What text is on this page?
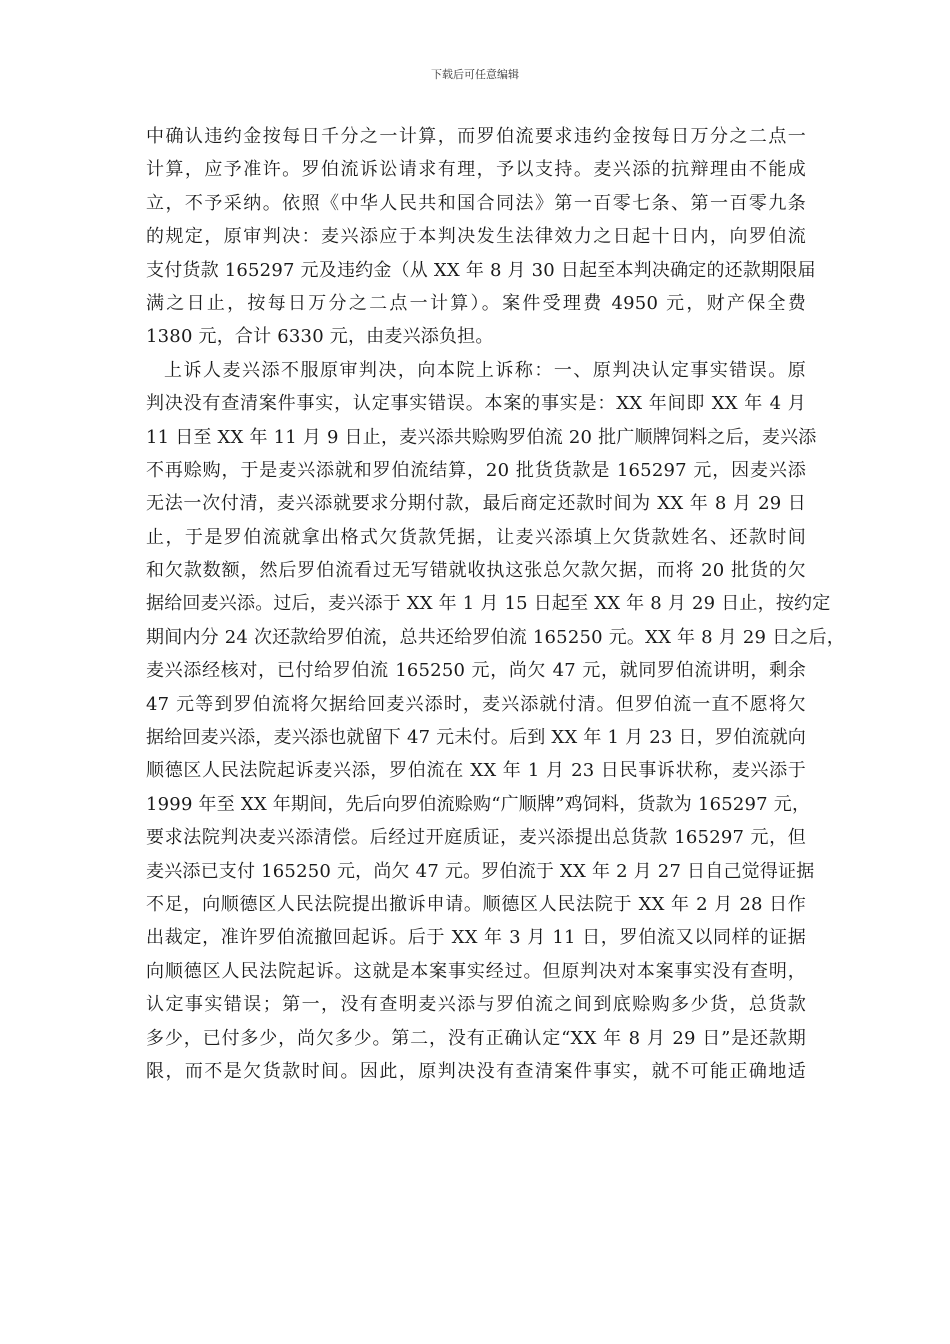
下载后可任意编辑
中确认违约金按每日千分之一计算，而罗伯流要求违约金按每日万分之二点一
计算，应予准许。罗伯流诉讼请求有理，予以支持。麦兴添的抗辩理由不能成
立，不予采纳。依照《中华人民共和国合同法》第一百零七条、第一百零九条
的规定，原审判决：麦兴添应于本判决发生法律效力之日起十日内，向罗伯流
支付货款 165297 元及违约金（从 XX 年 8 月 30 日起至本判决确定的还款期限届
满之日止，按每日万分之二点一计算）。案件受理费 4950 元，财产保全费
1380 元，合计 6330 元，由麦兴添负担。
上诉人麦兴添不服原审判决，向本院上诉称：一、原判决认定事实错误。原
判决没有查清案件事实，认定事实错误。本案的事实是：XX 年间即 XX 年 4 月
11 日至 XX 年 11 月 9 日止，麦兴添共赊购罗伯流 20 批广顺牌饲料之后，麦兴添
不再赊购，于是麦兴添就和罗伯流结算，20 批货货款是 165297 元，因麦兴添
无法一次付清，麦兴添就要求分期付款，最后商定还款时间为 XX 年 8 月 29 日
止，于是罗伯流就拿出格式欠货款凭据，让麦兴添填上欠货款姓名、还款时间
和欠款数额，然后罗伯流看过无写错就收执这张总欠款欠据，而将 20 批货的欠
据给回麦兴添。过后，麦兴添于 XX 年 1 月 15 日起至 XX 年 8 月 29 日止，按约定
期间内分 24 次还款给罗伯流，总共还给罗伯流 165250 元。XX 年 8 月 29 日之后，
麦兴添经核对，已付给罗伯流 165250 元，尚欠 47 元，就同罗伯流讲明，剩余
47 元等到罗伯流将欠据给回麦兴添时，麦兴添就付清。但罗伯流一直不愿将欠
据给回麦兴添，麦兴添也就留下 47 元未付。后到 XX 年 1 月 23 日，罗伯流就向
顺德区人民法院起诉麦兴添，罗伯流在 XX 年 1 月 23 日民事诉状称，麦兴添于
1999 年至 XX 年期间，先后向罗伯流赊购“广顺牌”鸡饲料，货款为 165297 元，
要求法院判决麦兴添清偿。后经过开庭质证，麦兴添提出总货款 165297 元，但
麦兴添已支付 165250 元，尚欠 47 元。罗伯流于 XX 年 2 月 27 日自己觉得证据
不足，向顺德区人民法院提出撤诉申请。顺德区人民法院于 XX 年 2 月 28 日作
出裁定，准许罗伯流撤回起诉。后于 XX 年 3 月 11 日，罗伯流又以同样的证据
向顺德区人民法院起诉。这就是本案事实经过。但原判决对本案事实没有查明，
认定事实错误；第一，没有查明麦兴添与罗伯流之间到底赊购多少货，总货款
多少，已付多少，尚欠多少。第二，没有正确认定“XX 年 8 月 29 日”是还款期
限，而不是欠货款时间。因此，原判决没有查清案件事实，就不可能正确地适
